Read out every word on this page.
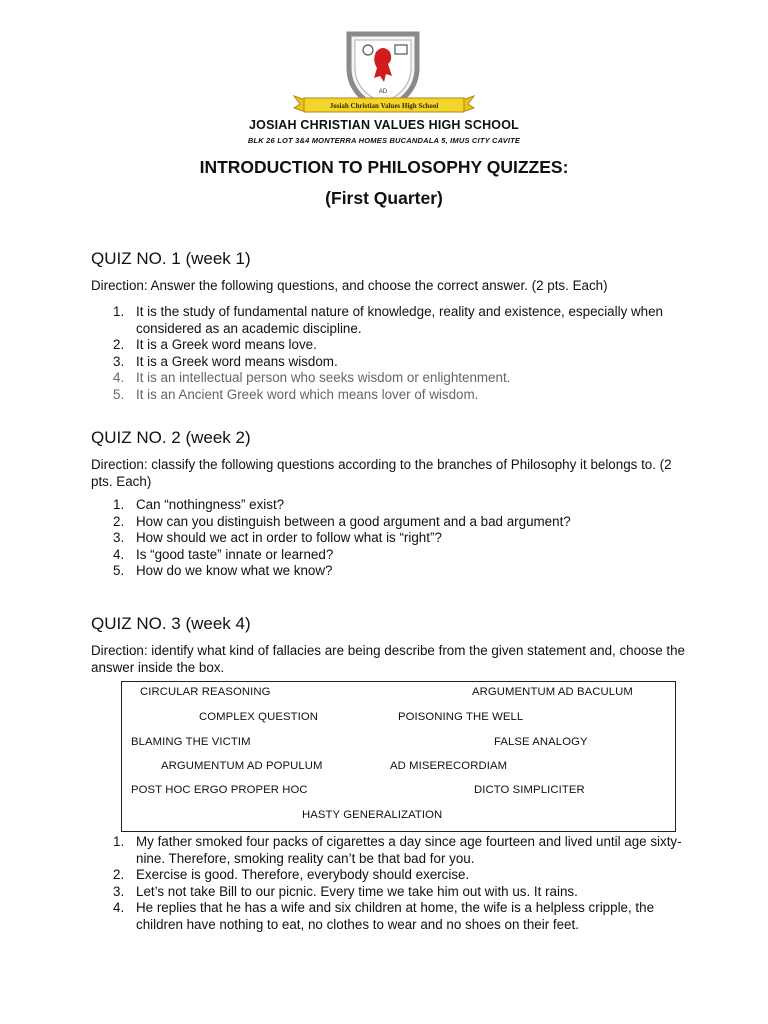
AD
Josiah Christian Values High School
JOSIAH CHRISTIAN VALUES HIGH SCHOOL
BLK 26 LOT 3&4 MONTERRA HOMES BUCANDALA 5, IMUS CITY CAVITE
INTRODUCTION TO PHILOSOPHY QUIZZES:
(First Quarter)
QUIZ NO. 1 (week 1)
Direction: Answer the following questions, and choose the correct answer. (2 pts. Each)
1. It is the study of fundamental nature of knowledge, reality and existence, especially when considered as an academic discipline.
2. It is a Greek word means love.
3. It is a Greek word means wisdom.
4. It is an intellectual person who seeks wisdom or enlightenment.
5. It is an Ancient Greek word which means lover of wisdom.
QUIZ NO. 2 (week 2)
Direction: classify the following questions according to the branches of Philosophy it belongs to. (2 pts. Each)
1. Can “nothingness” exist?
2. How can you distinguish between a good argument and a bad argument?
3. How should we act in order to follow what is “right”?
4. Is “good taste” innate or learned?
5. How do we know what we know?
QUIZ NO. 3 (week 4)
Direction: identify what kind of fallacies are being describe from the given statement and, choose the answer inside the box.
CIRCULAR REASONING	ARGUMENTUM AD BACULUM
COMPLEX QUESTION	POISONING THE WELL
BLAMING THE VICTIM	FALSE ANALOGY
ARGUMENTUM AD POPULUM	AD MISERECORDIAM
POST HOC ERGO PROPER HOC	DICTO SIMPLICITER
HASTY GENERALIZATION
1. My father smoked four packs of cigarettes a day since age fourteen and lived until age sixty-nine. Therefore, smoking reality can’t be that bad for you.
2. Exercise is good. Therefore, everybody should exercise.
3. Let’s not take Bill to our picnic. Every time we take him out with us. It rains.
4. He replies that he has a wife and six children at home, the wife is a helpless cripple, the children have nothing to eat, no clothes to wear and no shoes on their feet.
